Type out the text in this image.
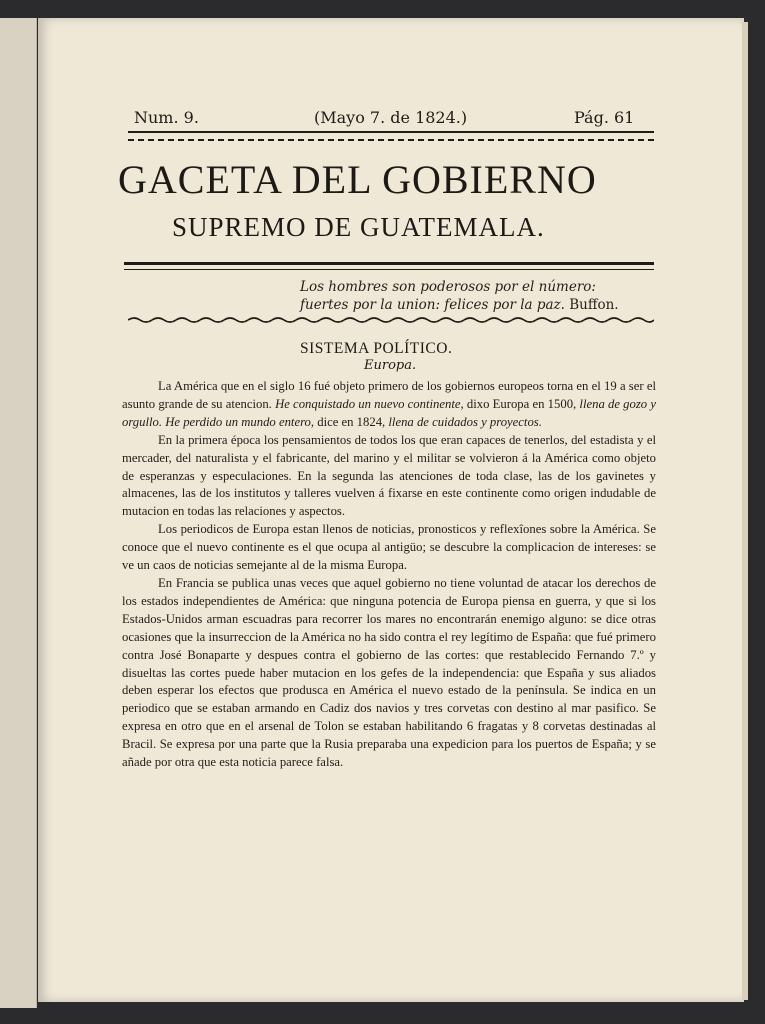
Num. 9.	(Mayo 7. de 1824.)	Pág. 61
GACETA DEL GOBIERNO
SUPREMO DE GUATEMALA.
Los hombres son poderosos por el número:
fuertes por la union: felices por la paz. Buffon.
SISTEMA POLÍTICO.
Europa.

La América que en el siglo 16 fué objeto primero de los gobiernos europeos torna en el 19 a ser el asunto grande de su atencion. He conquistado un nuevo continente, dixo Europa en 1500, llena de gozo y orgullo. He perdido un mundo entero, dice en 1824, llena de cuidados y proyectos.

En la primera época los pensamientos de todos los que eran capaces de tenerlos, del estadista y el mercader, del naturalista y el fabricante, del marino y el militar se volvieron á la América como objeto de esperanzas y especulaciones. En la segunda las atenciones de toda clase, las de los gavinetes y almacenes, las de los institutos y talleres vuelven á fixarse en este continente como origen indudable de mutacion en todas las relaciones y aspectos.

Los periodicos de Europa estan llenos de noticias, pronosticos y reflexîones sobre la América. Se conoce que el nuevo continente es el que ocupa al antigüo; se descubre la complicacion de intereses: se ve un caos de noticias semejante al de la misma Europa.

En Francia se publica unas veces que aquel gobierno no tiene voluntad de atacar los derechos de los estados independientes de América: que ninguna potencia de Europa piensa en guerra, y que si los Estados-Unidos arman escuadras para recorrer los mares no encontrarán enemigo alguno: se dice otras ocasiones que la insurreccion de la América no ha sido contra el rey legítimo de España: que fué primero contra José Bonaparte y despues contra el gobierno de las cortes: que restablecido Fernando 7.º y disueltas las cortes puede haber mutacion en los gefes de la independencia: que España y sus aliados deben esperar los efectos que produsca en América el nuevo estado de la península. Se indica en un periodico que se estaban armando en Cadiz dos navios y tres corvetas con destino al mar pasifico. Se expresa en otro que en el arsenal de Tolon se estaban habilitando 6 fragatas y 8 corvetas destinadas al Bracil. Se expresa por una parte que la Rusia preparaba una expedicion para los puertos de España; y se añade por otra que esta noticia parece falsa.
